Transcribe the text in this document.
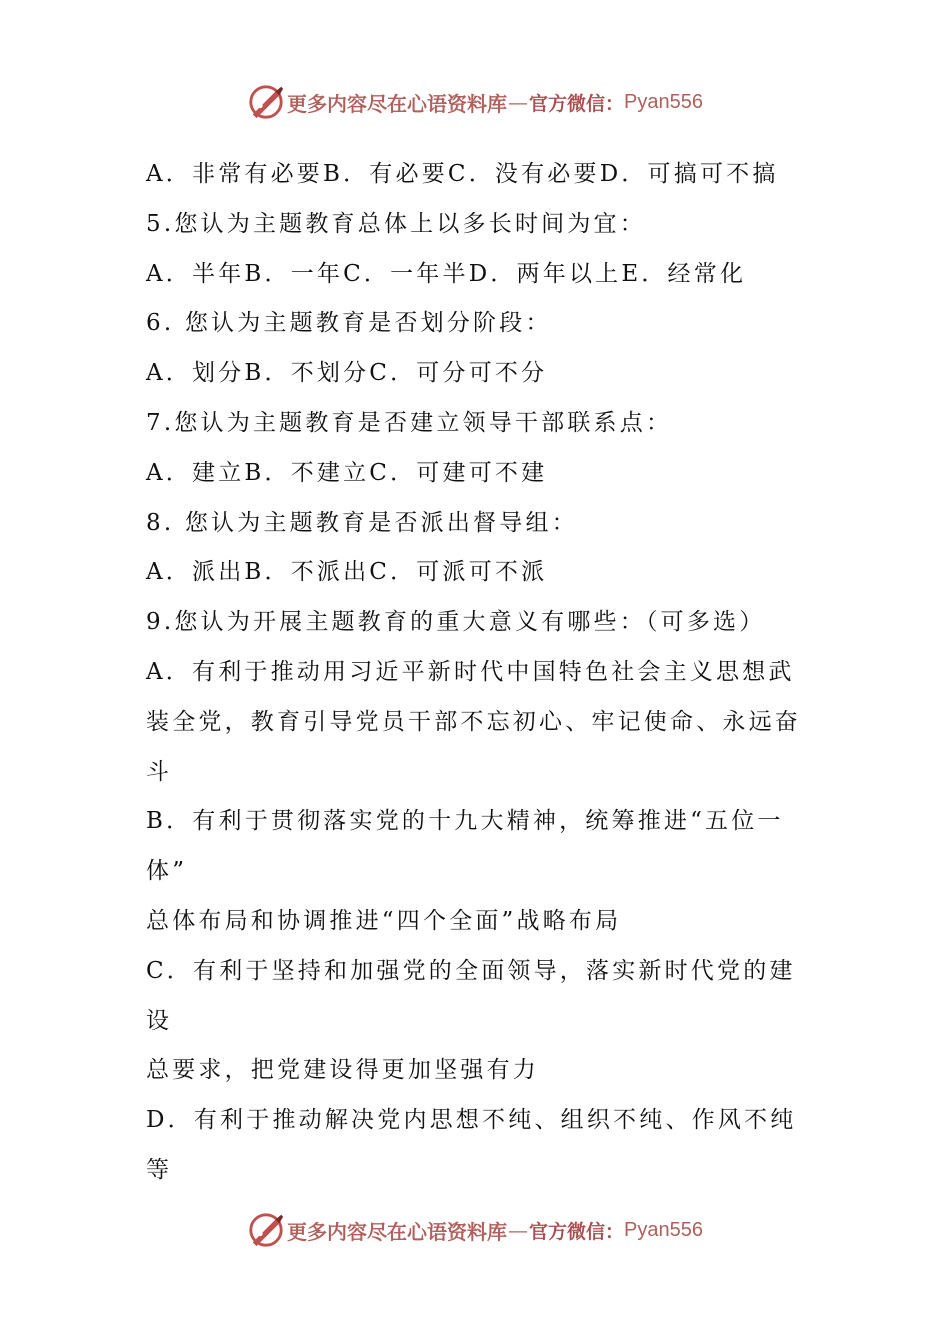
更多内容尽在心语资料库 — 官方微信： Pyan556
A．非常有必要B．有必要C．没有必要D．可搞可不搞
5.您认为主题教育总体上以多长时间为宜：
A．半年B．一年C．一年半D．两年以上E．经常化
6. 您认为主题教育是否划分阶段：
A．划分B．不划分C．可分可不分
7.您认为主题教育是否建立领导干部联系点：
A．建立B．不建立C．可建可不建
8. 您认为主题教育是否派出督导组：
A．派出B．不派出C．可派可不派
9.您认为开展主题教育的重大意义有哪些：（可多选）
A．有利于推动用习近平新时代中国特色社会主义思想武
装全党，教育引导党员干部不忘初心、牢记使命、永远奋
斗
B．有利于贯彻落实党的十九大精神，统筹推进“五位一
体”
总体布局和协调推进“四个全面”战略布局
C．有利于坚持和加强党的全面领导，落实新时代党的建
设
总要求，把党建设得更加坚强有力
D．有利于推动解决党内思想不纯、组织不纯、作风不纯
等
更多内容尽在心语资料库 — 官方微信： Pyan556
